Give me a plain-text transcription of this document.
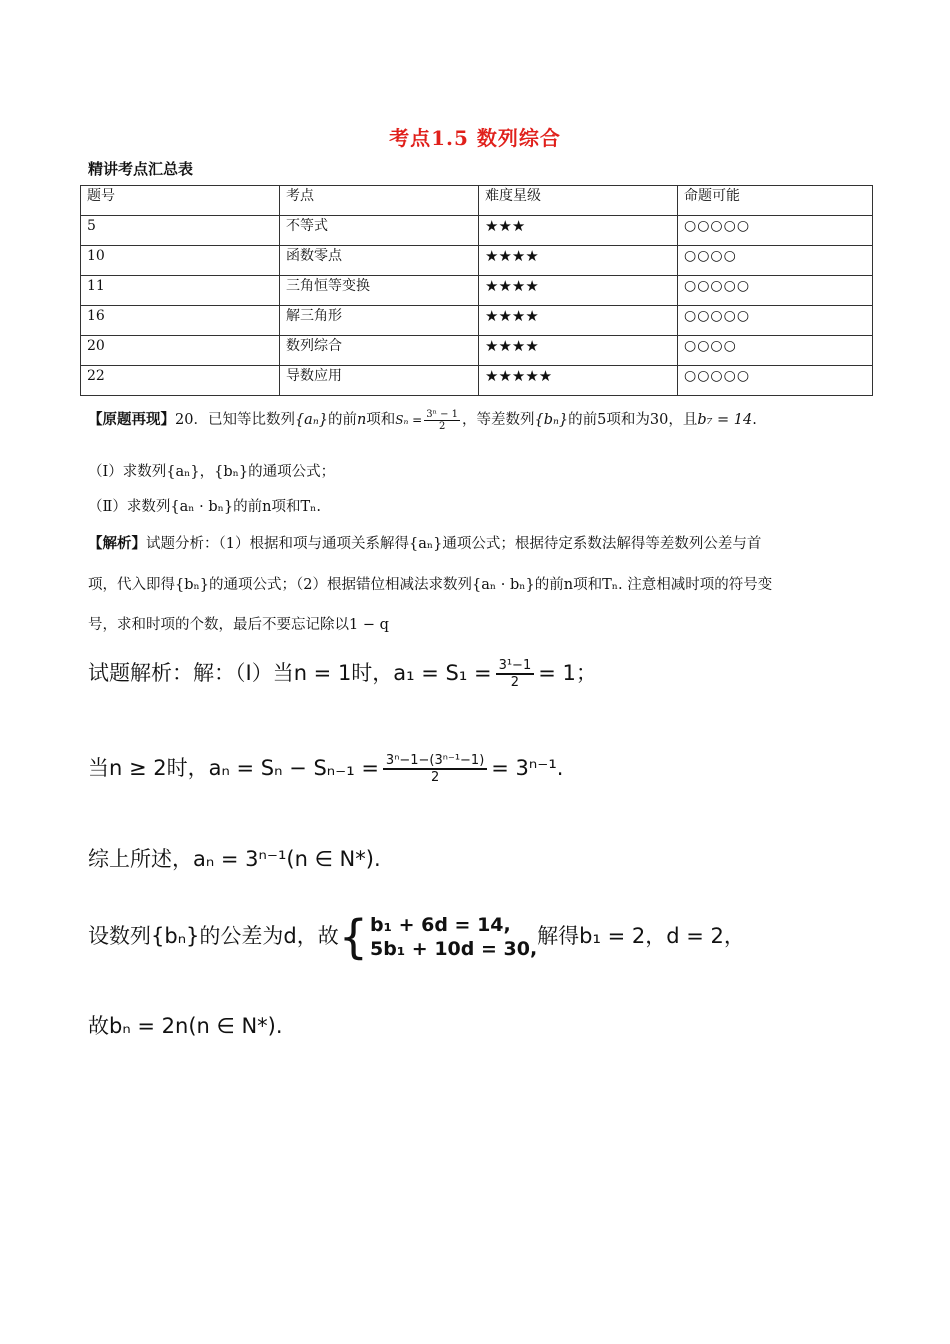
考点1.5 数列综合
精讲考点汇总表
题号	考点	难度星级	命题可能
5	不等式	★★★	○○○○○
10	函数零点	★★★★	○○○○
11	三角恒等变换	★★★★	○○○○○
16	解三角形	★★★★	○○○○○
20	数列综合	★★★★	○○○○
22	导数应用	★★★★★	○○○○○
【原题再现】20．已知等比数列{aₙ}的前n项和$S_n = \frac{\text{3ⁿ − 1}}{2}$ ，等差数列{bₙ}的前5项和为30，且b₇ = 14.
（Ⅰ）求数列{aₙ}，{bₙ}的通项公式；
（Ⅱ）求数列{aₙ · bₙ}的前n项和Tₙ.
【解析】试题分析：（1）根据和项与通项关系解得{aₙ}通项公式；根据待定系数法解得等差数列公差与首
项，代入即得{bₙ}的通项公式；（2）根据错位相减法求数列{aₙ · bₙ}的前n项和Tₙ. 注意相减时项的符号变
号，求和时项的个数，最后不要忘记除以1 − q
试题解析：解：（Ⅰ）当n = 1时，$a_1 = S_1 = \frac{\text{3¹−1}}{2} = 1$；
当n ≥ 2时，$a_n = S_n - S_{n-1} = \frac{\text{3ⁿ−1−(3ⁿ⁻¹−1)}}{2} = 3^{n-1}$.
综上所述，aₙ = 3ⁿ⁻¹(n ∈ N*).
设数列{bₙ}的公差为d，故{ b₁ + 6d = 14,
5b₁ + 10d = 30,
解得b₁ = 2，d = 2，
故bₙ = 2n(n ∈ N*).
